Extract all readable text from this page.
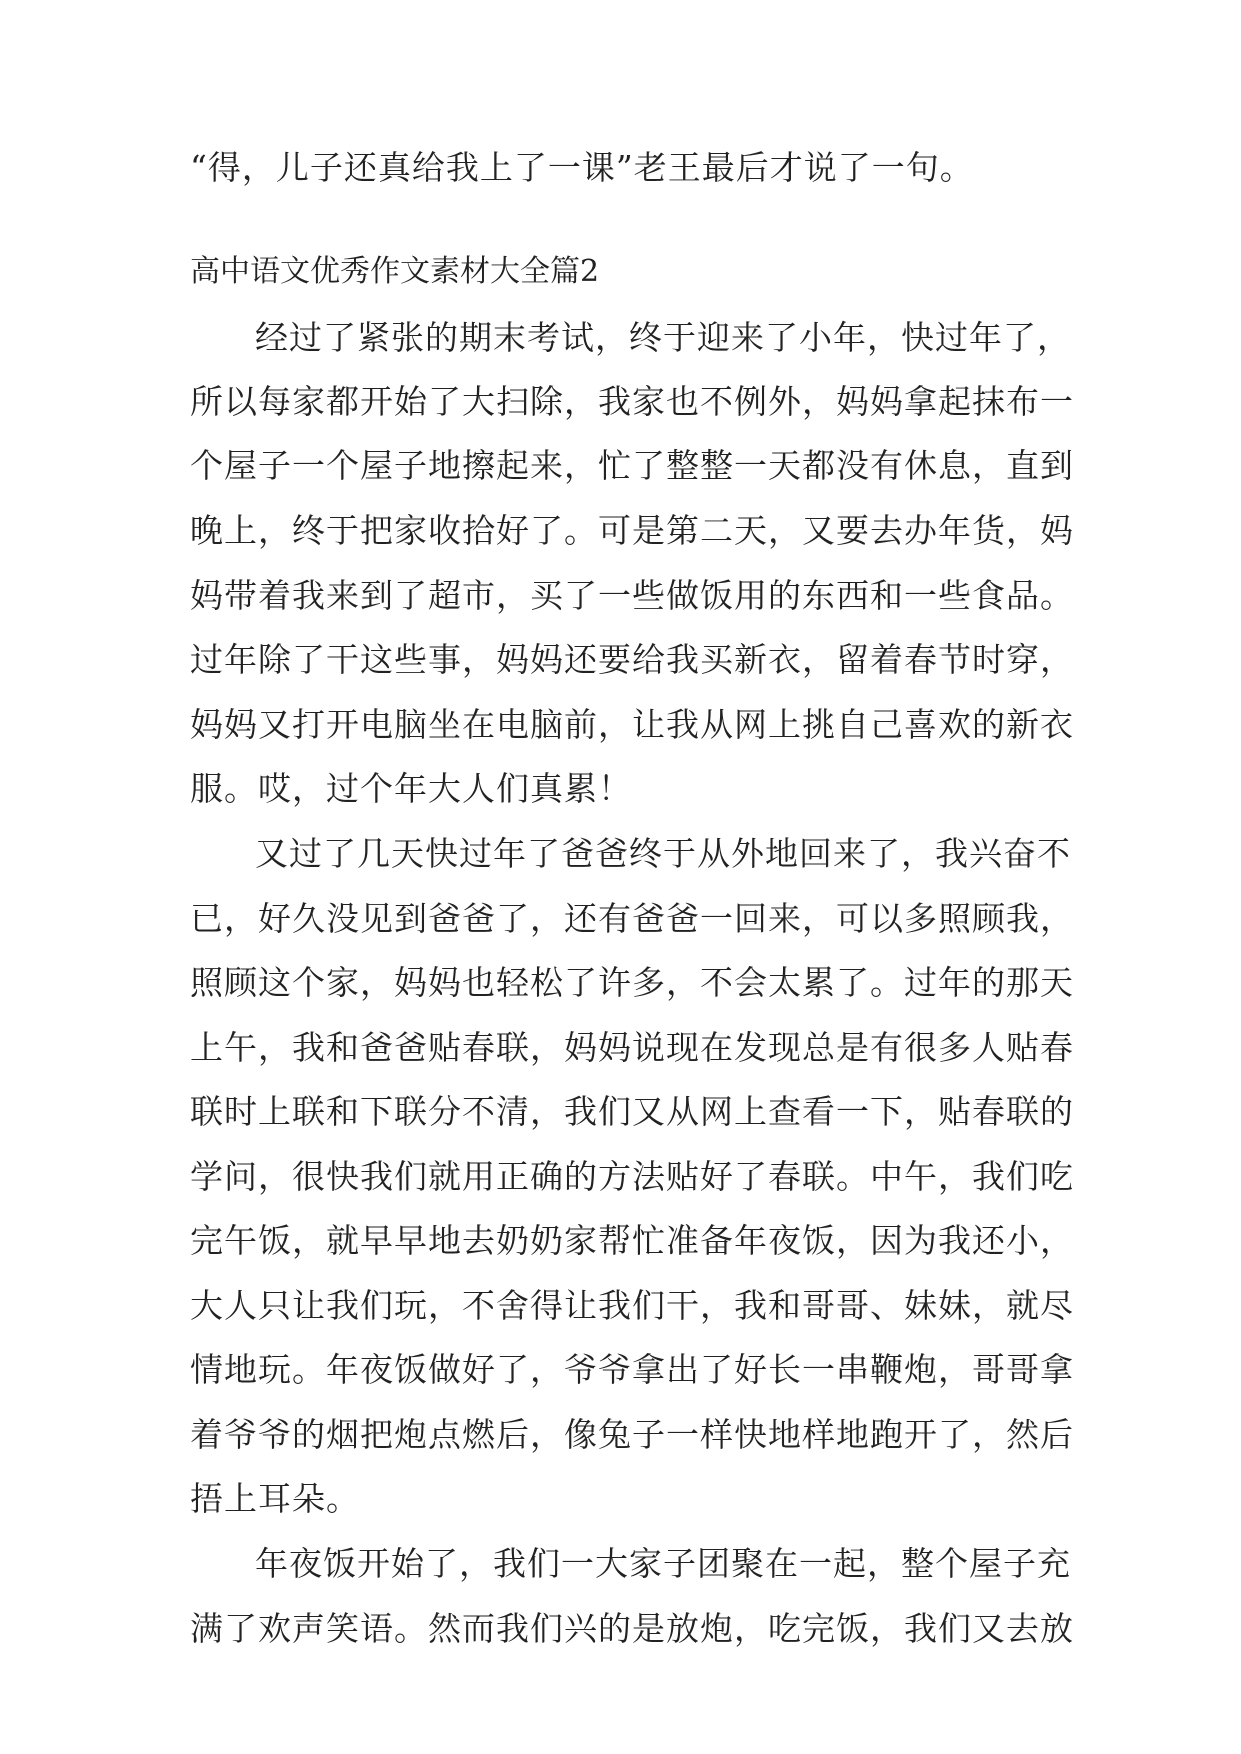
“得，儿子还真给我上了一课”老王最后才说了一句。
高中语文优秀作文素材大全篇2
经过了紧张的期末考试，终于迎来了小年，快过年了，
所以每家都开始了大扫除，我家也不例外，妈妈拿起抹布一
个屋子一个屋子地擦起来，忙了整整一天都没有休息，直到
晚上，终于把家收拾好了。可是第二天，又要去办年货，妈
妈带着我来到了超市，买了一些做饭用的东西和一些食品。
过年除了干这些事，妈妈还要给我买新衣，留着春节时穿，
妈妈又打开电脑坐在电脑前，让我从网上挑自己喜欢的新衣
服。哎，过个年大人们真累！
又过了几天快过年了爸爸终于从外地回来了，我兴奋不
已，好久没见到爸爸了，还有爸爸一回来，可以多照顾我，
照顾这个家，妈妈也轻松了许多，不会太累了。过年的那天
上午，我和爸爸贴春联，妈妈说现在发现总是有很多人贴春
联时上联和下联分不清，我们又从网上查看一下，贴春联的
学问，很快我们就用正确的方法贴好了春联。中午，我们吃
完午饭，就早早地去奶奶家帮忙准备年夜饭，因为我还小，
大人只让我们玩，不舍得让我们干，我和哥哥、妹妹，就尽
情地玩。年夜饭做好了，爷爷拿出了好长一串鞭炮，哥哥拿
着爷爷的烟把炮点燃后，像兔子一样快地样地跑开了，然后
捂上耳朵。
年夜饭开始了，我们一大家子团聚在一起，整个屋子充
满了欢声笑语。然而我们兴的是放炮，吃完饭，我们又去放
